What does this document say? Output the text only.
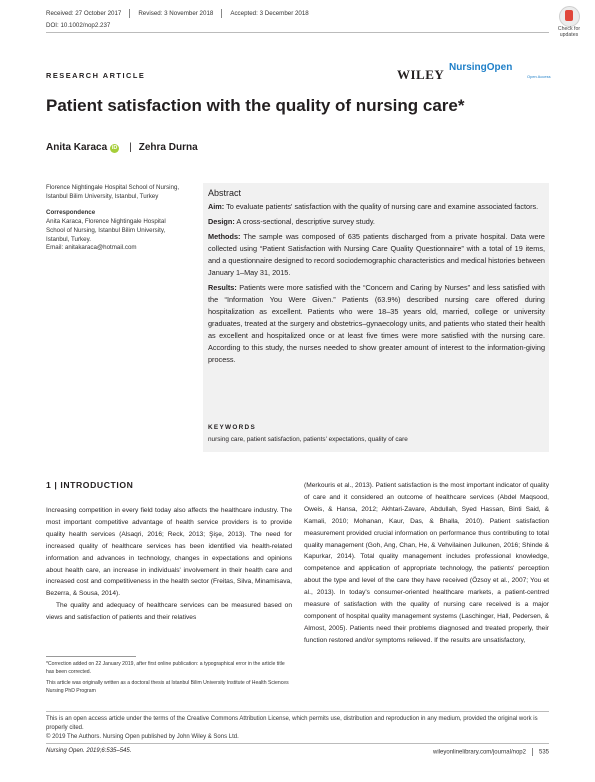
Received: 27 October 2017	Revised: 3 November 2018	Accepted: 3 December 2018
DOI: 10.1002/nop2.237	Check for updates
RESEARCH ARTICLE	WILEY NursingOpen
Open Access
Patient satisfaction with the quality of nursing care*
Anita Karaca iD | Zehra Durna
Florence Nightingale Hospital School of Nursing, Istanbul Bilim University, Istanbul, Turkey
Correspondence
Anita Karaca, Florence Nightingale Hospital School of Nursing, Istanbul Bilim University, Istanbul, Turkey.
Email: anitakaraca@hotmail.com
Abstract

Aim: To evaluate patients' satisfaction with the quality of nursing care and examine associated factors.

Design: A cross-sectional, descriptive survey study.

Methods: The sample was composed of 635 patients discharged from a private hospital. Data were collected using “Patient Satisfaction with Nursing Care Quality Questionnaire” with a total of 19 items, and a questionnaire designed to record sociodemographic characteristics and medical histories between January 1–May 31, 2015.

Results: Patients were more satisfied with the “Concern and Caring by Nurses” and less satisfied with the “Information You Were Given.” Patients (63.9%) described nursing care offered during hospitalization as excellent. Patients who were 18–35 years old, married, college or university graduates, treated at the surgery and obstetrics–gynaecology units, and patients who stated their health as excellent and hospitalized once or at least five times were more satisfied with the nursing care. According to this study, the nurses needed to show greater amount of interest to the information-giving process.

KEYWORDS
nursing care, patient satisfaction, patients' expectations, quality of care
1 | INTRODUCTION

Increasing competition in every field today also affects the healthcare industry. The most important competitive advantage of health service providers is to provide quality health services (Alsaqri, 2016; Reck, 2013; Şişe, 2013). The need for increased quality of healthcare services has been identified via health-related information and advances in technology, changes in expectations and opinions about health care, an increase in individuals' involvement in their health care and increased cost and competitiveness in the health sector (Freitas, Silva, Minamisava, Bezerra, & Sousa, 2014).

The quality and adequacy of healthcare services can be measured based on views and satisfaction of patients and their relatives

(Merkouris et al., 2013). Patient satisfaction is the most important indicator of quality of care and it considered an outcome of healthcare services (Abdel Maqsood, Oweis, & Hansa, 2012; Akhtari-Zavare, Abdullah, Syed Hassan, Binti Said, & Kamali, 2010; Mohanan, Kaur, Das, & Bhalla, 2010). Patient satisfaction measurement provided crucial information on performance thus contributing to total quality management (Goh, Ang, Chan, He, & Vehvilainen Julkunen, 2016; Shinde & Kapurkar, 2014). Total quality management includes professional knowledge, competence and application of appropriate technology, the patients' perception about the type and level of the care they have received (Özsoy et al., 2007; You et al., 2013). In today's consumer-oriented healthcare markets, a patient-centred measure of satisfaction with the quality of nursing care received is a major component of hospital quality management systems (Laschinger, Hall, Pedersen, & Almost, 2005). Patients need their problems diagnosed and treated properly, their function restored and/or symptoms relieved. If the results are unsatisfactory,

*Correction added on 22 January 2019, after first online publication: a typographical error in the article title has been corrected.

This article was originally written as a doctoral thesis at Istanbul Bilim University Institute of Health Sciences Nursing PhD Program

This is an open access article under the terms of the Creative Commons Attribution License, which permits use, distribution and reproduction in any medium, provided the original work is properly cited.
© 2019 The Authors. Nursing Open published by John Wiley & Sons Ltd.
Nursing Open. 2019;6:535–545.	wileyonlinelibrary.com/journal/nop2 535
